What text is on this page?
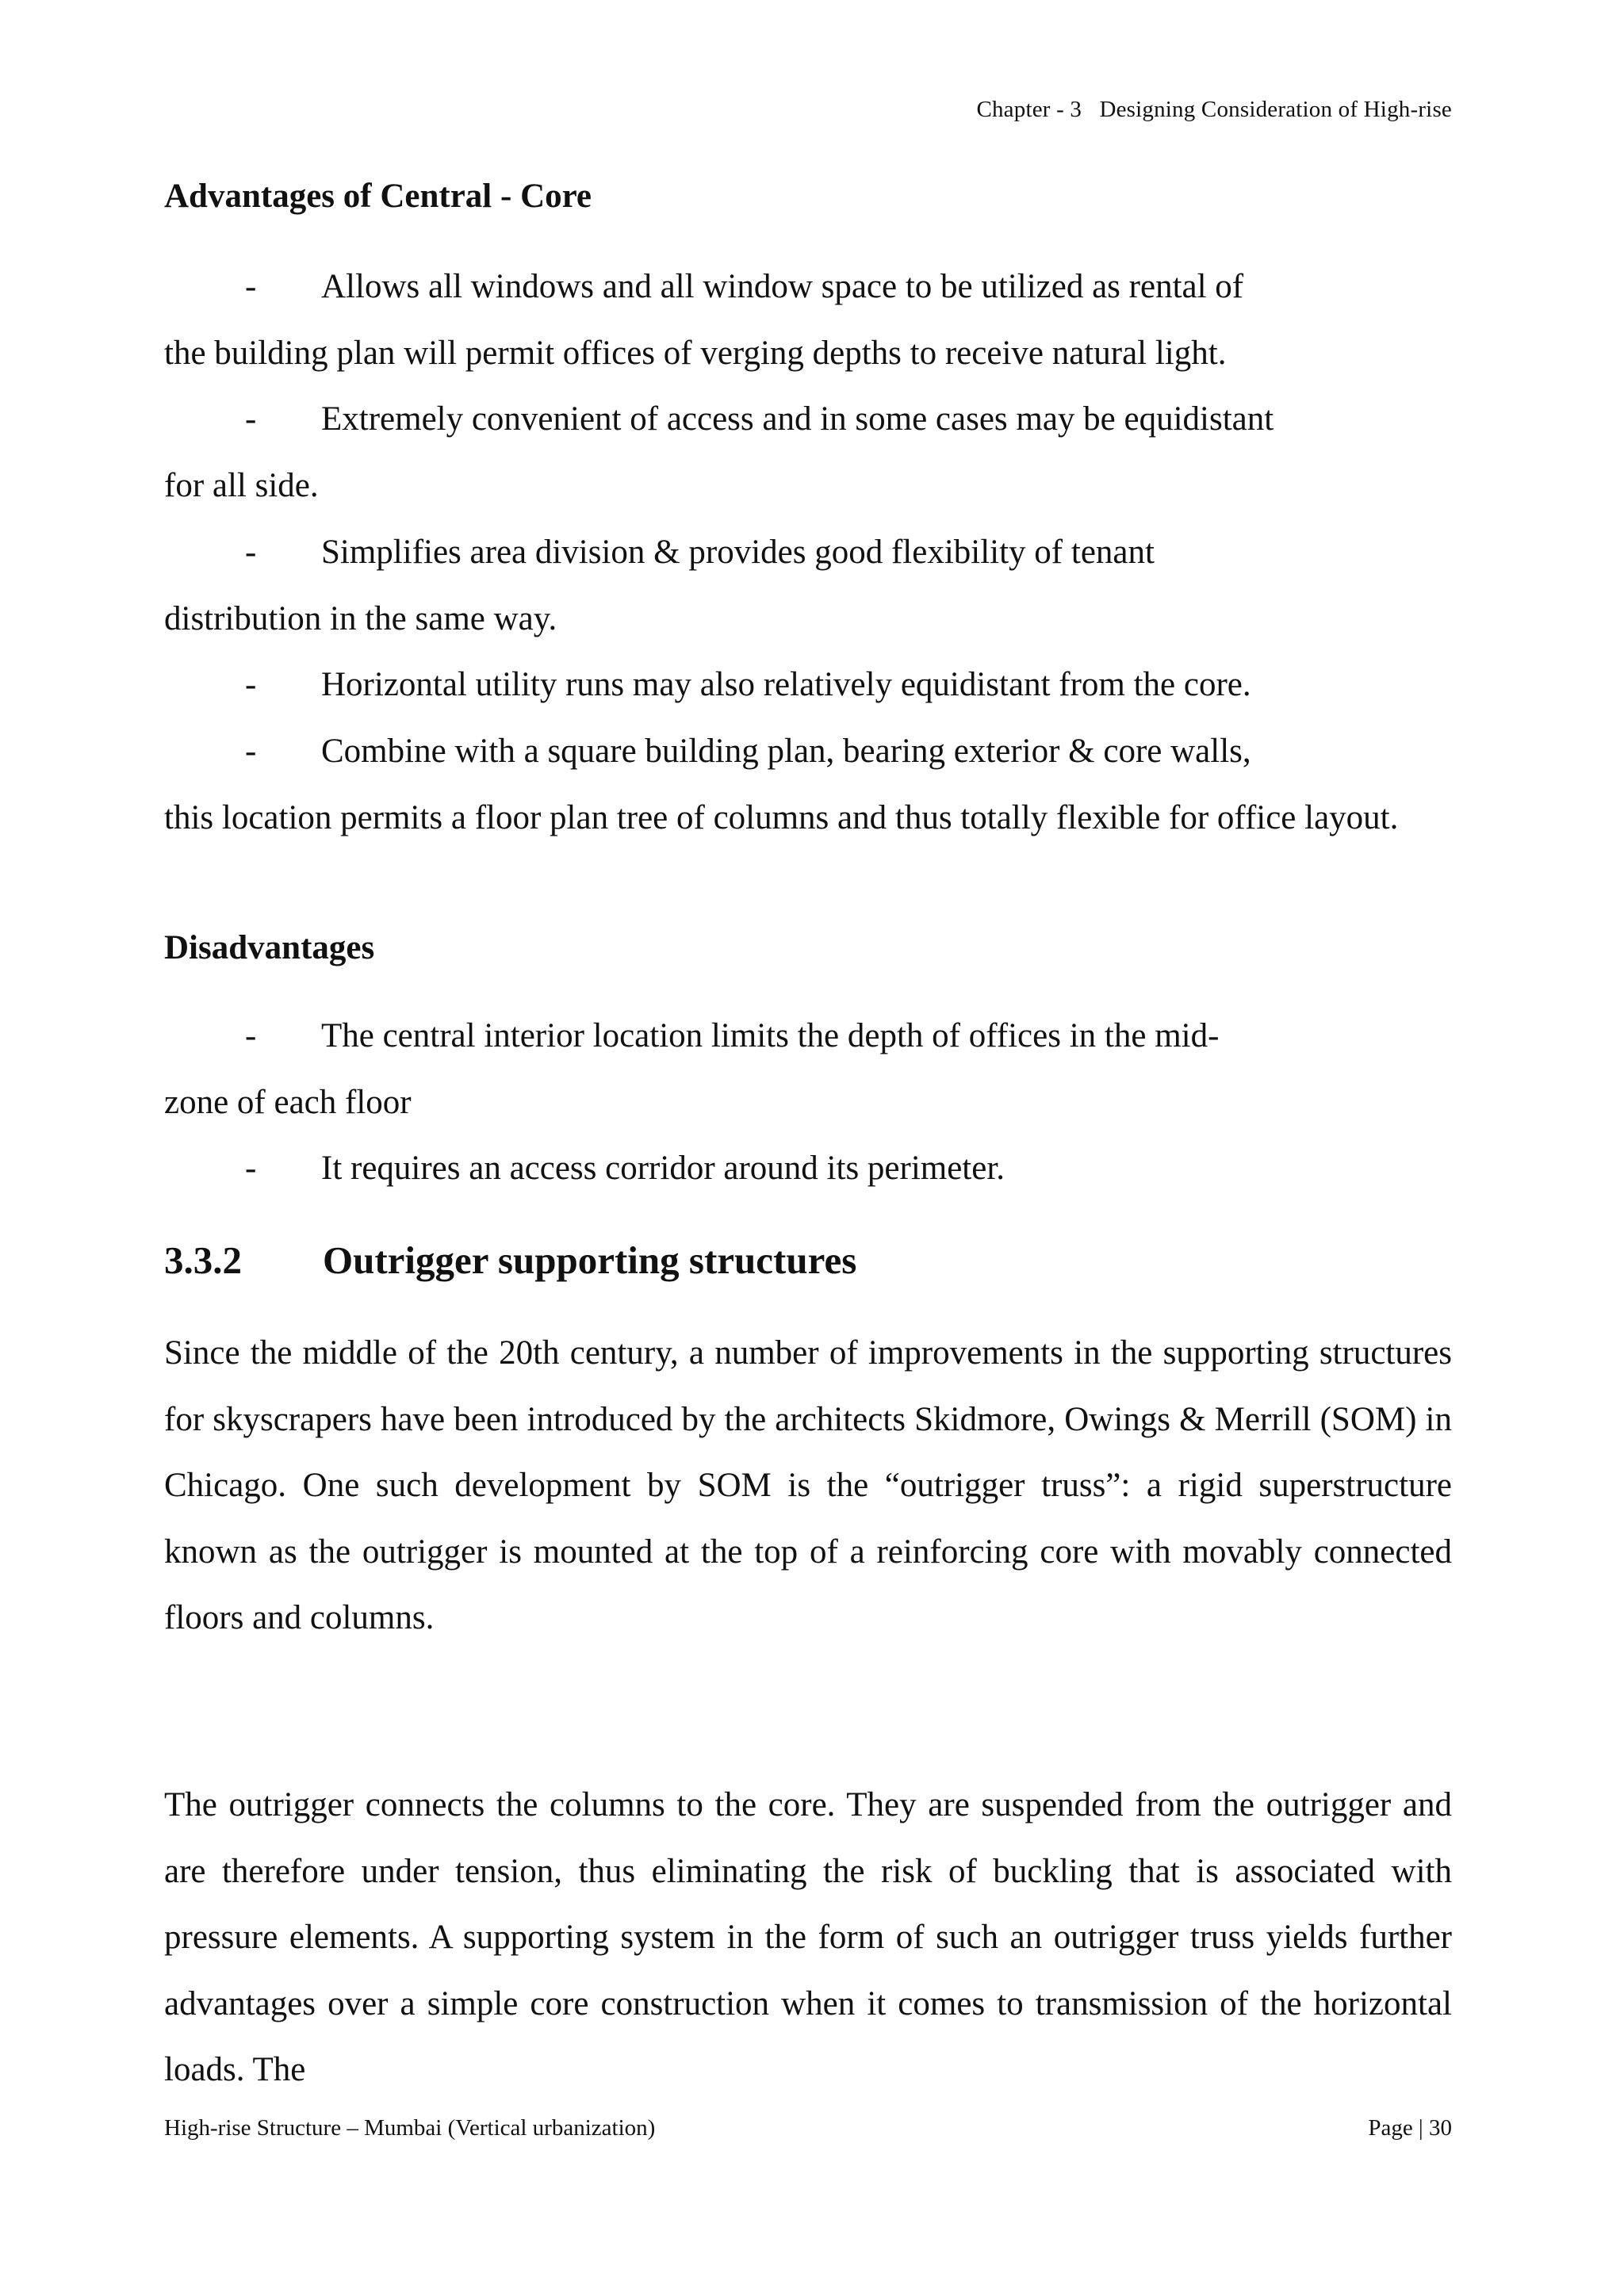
Chapter - 3   Designing Consideration of High-rise
Advantages of Central - Core
- Allows all windows and all window space to be utilized as rental of
the building plan will permit offices of verging depths to receive natural light.
- Extremely convenient of access and in some cases may be equidistant
for all side.
- Simplifies area division & provides good flexibility of tenant
distribution in the same way.
- Horizontal utility runs may also relatively equidistant from the core.
- Combine with a square building plan, bearing exterior & core walls,
this location permits a floor plan tree of columns and thus totally flexible for office layout.
Disadvantages
- The central interior location limits the depth of offices in the mid-
zone of each floor
- It requires an access corridor around its perimeter.
3.3.2	Outrigger supporting structures

Since the middle of the 20th century, a number of improvements in the supporting structures for skyscrapers have been introduced by the architects Skidmore, Owings & Merrill (SOM) in Chicago. One such development by SOM is the “outrigger truss”: a rigid superstructure known as the outrigger is mounted at the top of a reinforcing core with movably connected floors and columns.

The outrigger connects the columns to the core. They are suspended from the outrigger and are therefore under tension, thus eliminating the risk of buckling that is associated with pressure elements. A supporting system in the form of such an outrigger truss yields further advantages over a simple core construction when it comes to transmission of the horizontal loads. The

High-rise Structure – Mumbai (Vertical urbanization)	Page | 30
